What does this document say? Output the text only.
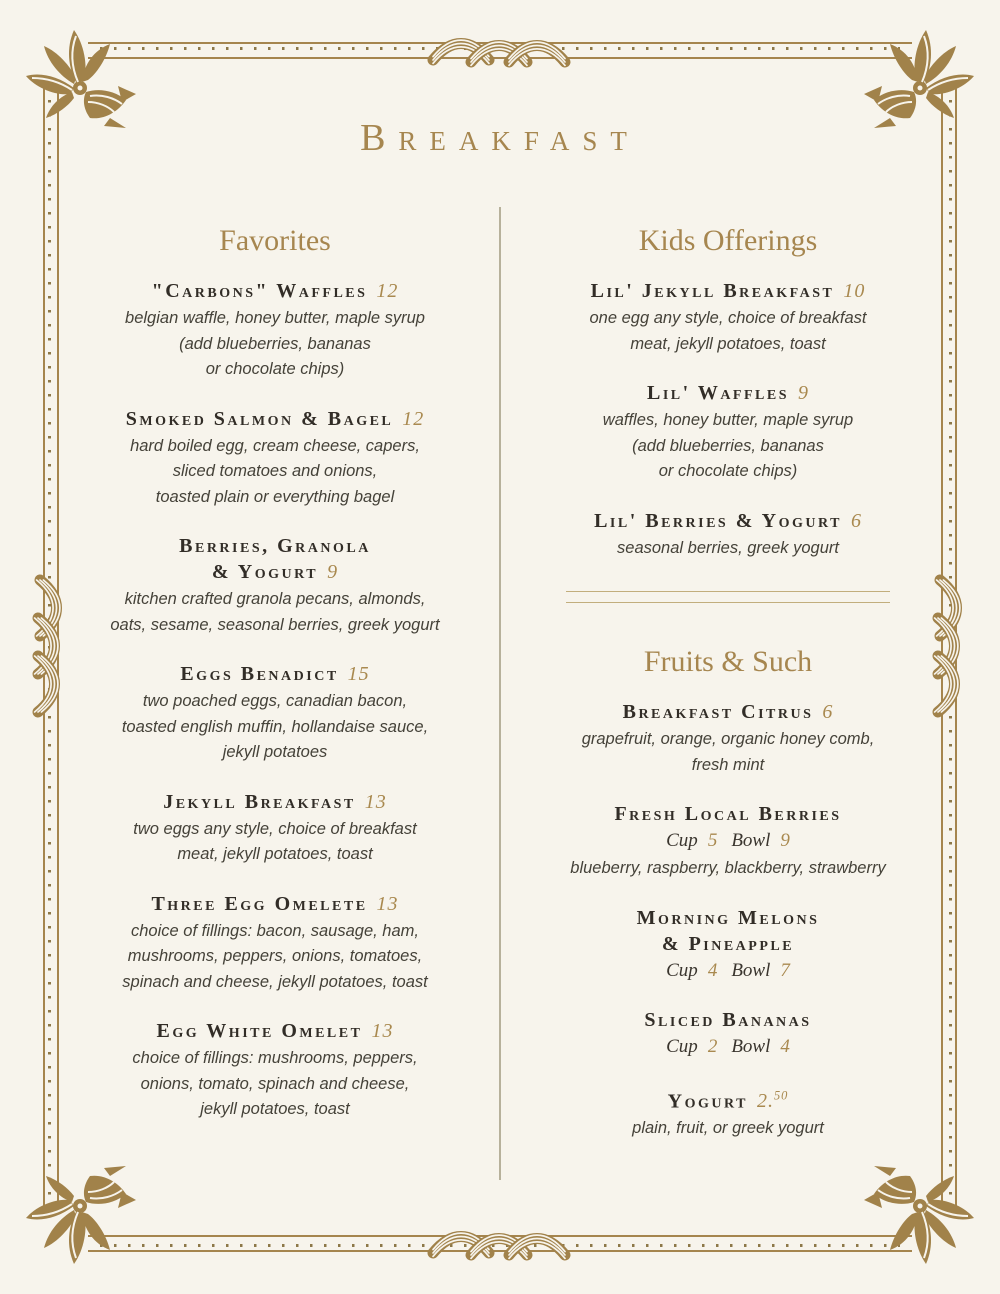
Breakfast
Favorites
"Carbons" Waffles 12
belgian waffle, honey butter, maple syrup
(add blueberries, bananas
or chocolate chips)
Smoked Salmon & Bagel 12
hard boiled egg, cream cheese, capers,
sliced tomatoes and onions,
toasted plain or everything bagel
Berries, Granola
& Yogurt 9
kitchen crafted granola pecans, almonds,
oats, sesame, seasonal berries, greek yogurt
Eggs Benadict 15
two poached eggs, canadian bacon,
toasted english muffin, hollandaise sauce,
jekyll potatoes
Jekyll Breakfast 13
two eggs any style, choice of breakfast
meat, jekyll potatoes, toast
Three Egg Omelete 13
choice of fillings: bacon, sausage, ham,
mushrooms, peppers, onions, tomatoes,
spinach and cheese, jekyll potatoes, toast
Egg White Omelet 13
choice of fillings: mushrooms, peppers,
onions, tomato, spinach and cheese,
jekyll potatoes, toast
Kids Offerings
Lil' Jekyll Breakfast 10
one egg any style, choice of breakfast
meat, jekyll potatoes, toast
Lil' Waffles 9
waffles, honey butter, maple syrup
(add blueberries, bananas
or chocolate chips)
Lil' Berries & Yogurt 6
seasonal berries, greek yogurt
Fruits & Such
Breakfast Citrus 6
grapefruit, orange, organic honey comb,
fresh mint
Fresh Local Berries
Cup 5 Bowl 9
blueberry, raspberry, blackberry, strawberry
Morning Melons
& Pineapple
Cup 4 Bowl 7
Sliced Bananas
Cup 2 Bowl 4
Yogurt 2.50
plain, fruit, or greek yogurt
